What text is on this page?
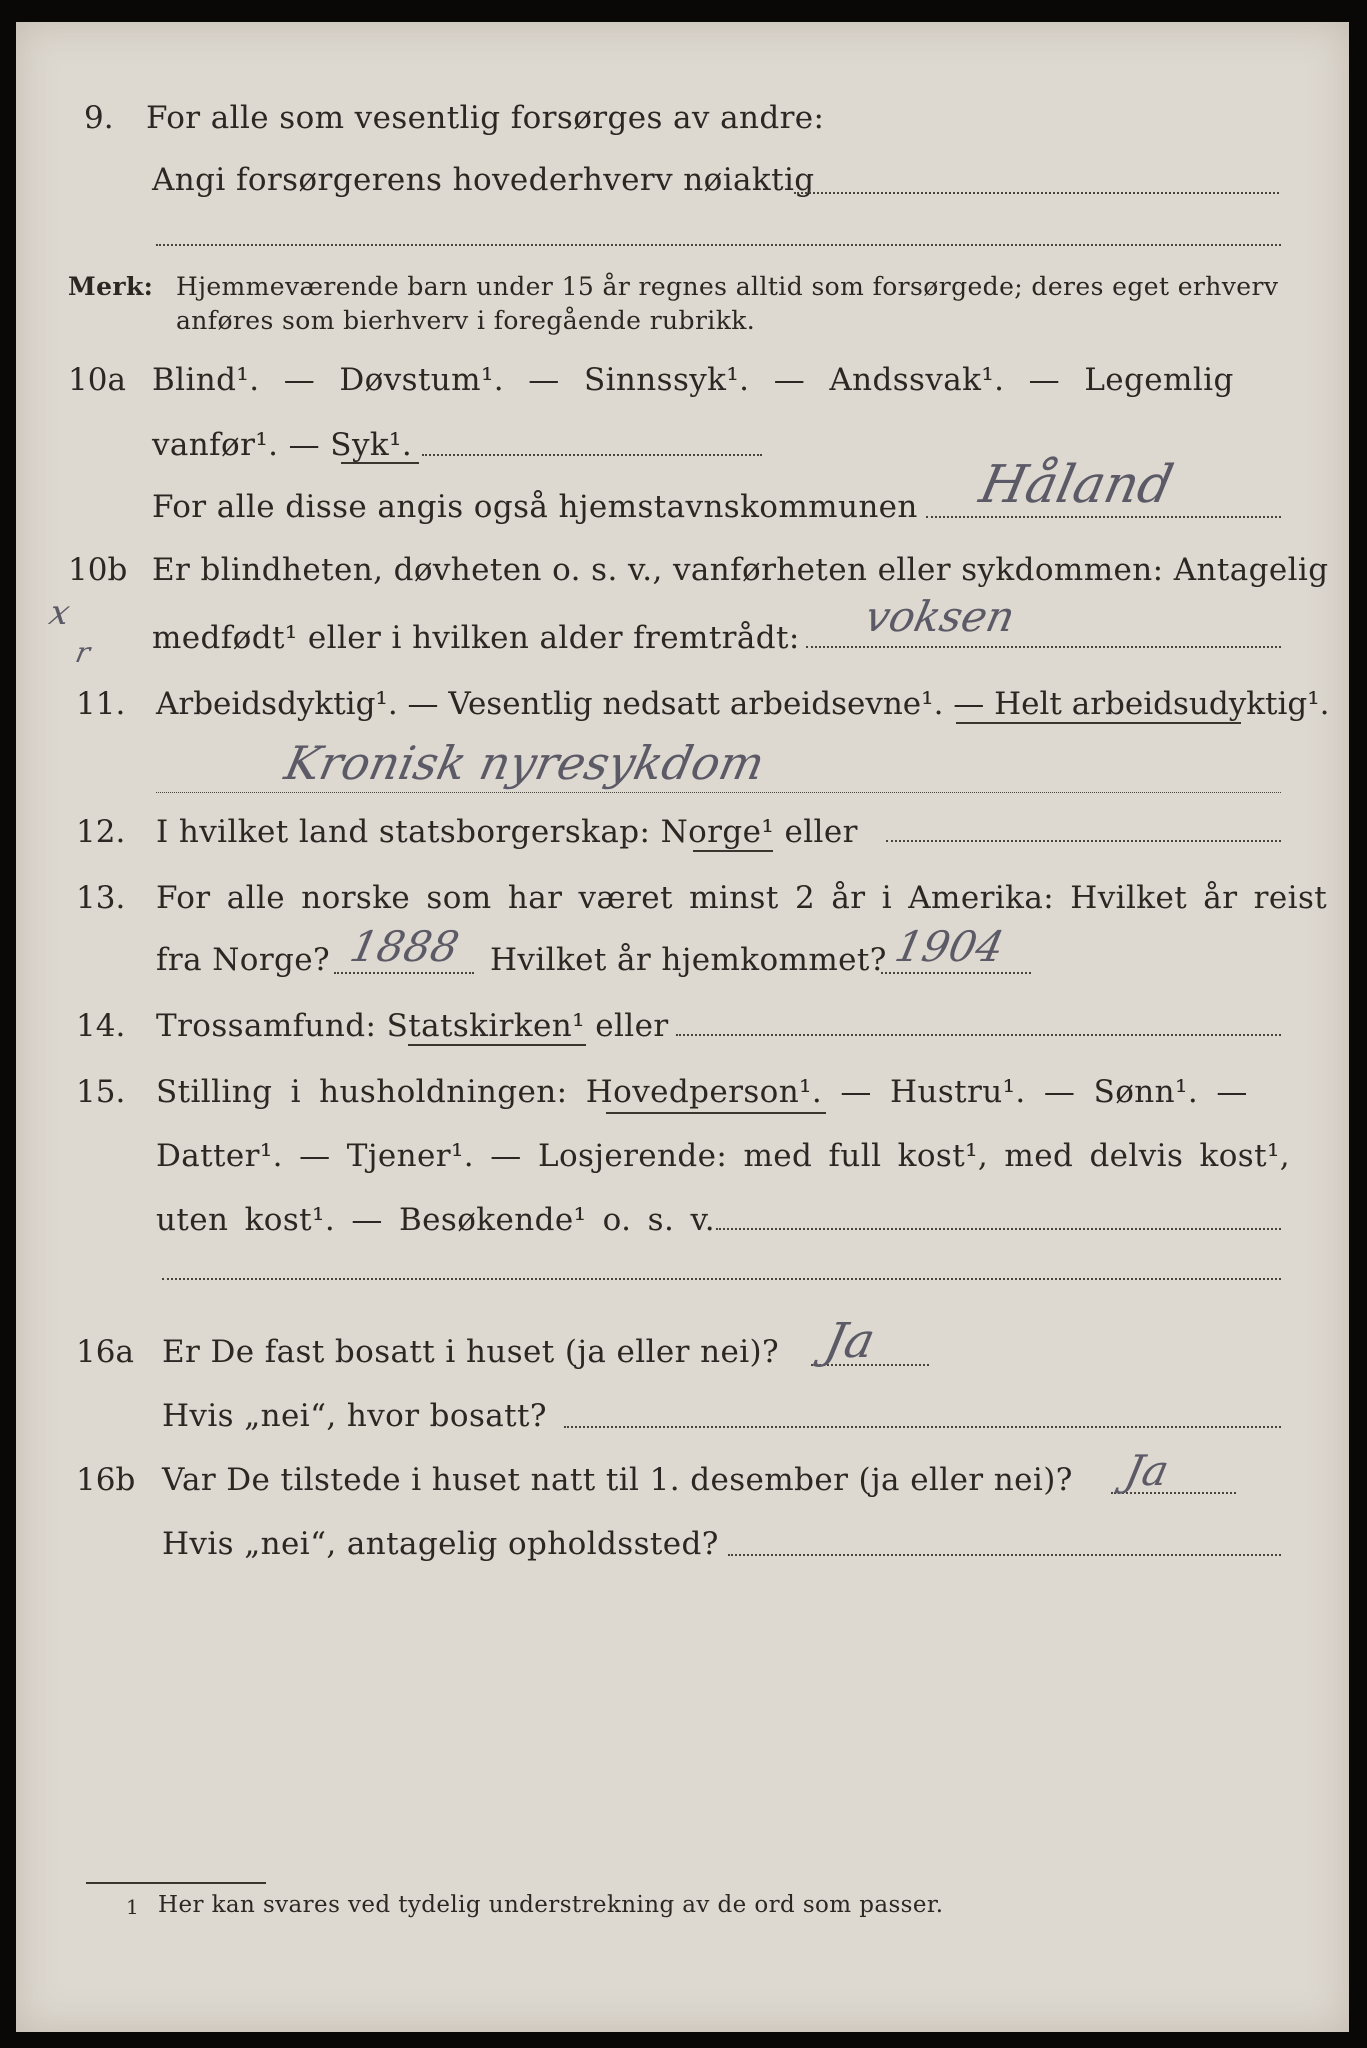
9. For alle som vesentlig forsørges av andre:
Angi forsørgerens hovederhverv nøiaktig
Merk: Hjemmeværende barn under 15 år regnes alltid som forsørgede; deres eget erhverv
anføres som bierhverv i foregående rubrikk.
10a Blind¹. — Døvstum¹. — Sinnssyk¹. — Andssvak¹. — Legemlig
vanfør¹. — Syk¹.
For alle disse angis også hjemstavnskommunen Håland
10b
x
r
Er blindheten, døvheten o. s. v., vanførheten eller sykdommen: Antagelig
medfødt¹ eller i hvilken alder fremtrådt: voksen
11. Arbeidsdyktig¹. — Vesentlig nedsatt arbeidsevne¹. — Helt arbeidsudyktig¹.
Kronisk nyresykdom
12. I hvilket land statsborgerskap: Norge¹ eller
13. For alle norske som har været minst 2 år i Amerika: Hvilket år reist
fra Norge? 1888 Hvilket år hjemkommet? 1904
14. Trossamfund: Statskirken¹ eller
15. Stilling i husholdningen: Hovedperson¹. — Hustru¹. — Sønn¹. —
Datter¹. — Tjener¹. — Losjerende: med full kost¹, med delvis kost¹,
uten kost¹. — Besøkende¹ o. s. v.
16a Er De fast bosatt i huset (ja eller nei)? Ja
Hvis „nei“, hvor bosatt?
16b Var De tilstede i huset natt til 1. desember (ja eller nei)? Ja
Hvis „nei“, antagelig opholdssted?
1 Her kan svares ved tydelig understrekning av de ord som passer.
